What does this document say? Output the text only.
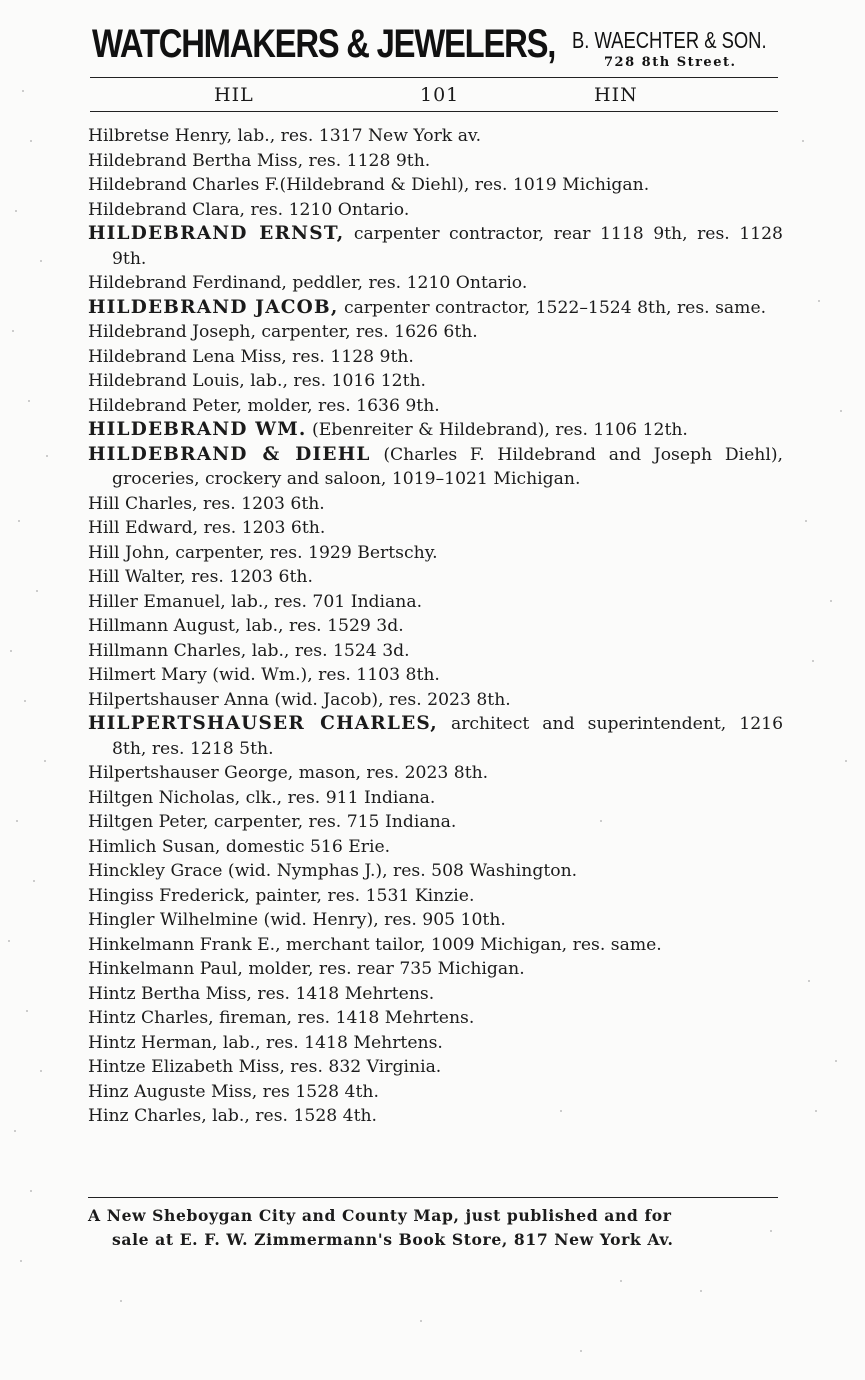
WATCHMAKERS & JEWELERS, B. WAECHTER & SON.
728 8th Street.
HIL	101	HIN
Hilbretse Henry, lab., res. 1317 New York av.
Hildebrand Bertha Miss, res. 1128 9th.
Hildebrand Charles F.(Hildebrand & Diehl), res. 1019 Michigan.
Hildebrand Clara, res. 1210 Ontario.
HILDEBRAND ERNST, carpenter contractor, rear 1118 9th, res. 1128 9th.
Hildebrand Ferdinand, peddler, res. 1210 Ontario.
HILDEBRAND JACOB, carpenter contractor, 1522–1524 8th, res. same.
Hildebrand Joseph, carpenter, res. 1626 6th.
Hildebrand Lena Miss, res. 1128 9th.
Hildebrand Louis, lab., res. 1016 12th.
Hildebrand Peter, molder, res. 1636 9th.
HILDEBRAND WM. (Ebenreiter & Hildebrand), res. 1106 12th.
HILDEBRAND & DIEHL (Charles F. Hildebrand and Joseph Diehl), groceries, crockery and saloon, 1019–1021 Michigan.
Hill Charles, res. 1203 6th.
Hill Edward, res. 1203 6th.
Hill John, carpenter, res. 1929 Bertschy.
Hill Walter, res. 1203 6th.
Hiller Emanuel, lab., res. 701 Indiana.
Hillmann August, lab., res. 1529 3d.
Hillmann Charles, lab., res. 1524 3d.
Hilmert Mary (wid. Wm.), res. 1103 8th.
Hilpertshauser Anna (wid. Jacob), res. 2023 8th.
HILPERTSHAUSER CHARLES, architect and superintendent, 1216 8th, res. 1218 5th.
Hilpertshauser George, mason, res. 2023 8th.
Hiltgen Nicholas, clk., res. 911 Indiana.
Hiltgen Peter, carpenter, res. 715 Indiana.
Himlich Susan, domestic 516 Erie.
Hinckley Grace (wid. Nymphas J.), res. 508 Washington.
Hingiss Frederick, painter, res. 1531 Kinzie.
Hingler Wilhelmine (wid. Henry), res. 905 10th.
Hinkelmann Frank E., merchant tailor, 1009 Michigan, res. same.
Hinkelmann Paul, molder, res. rear 735 Michigan.
Hintz Bertha Miss, res. 1418 Mehrtens.
Hintz Charles, fireman, res. 1418 Mehrtens.
Hintz Herman, lab., res. 1418 Mehrtens.
Hintze Elizabeth Miss, res. 832 Virginia.
Hinz Auguste Miss, res 1528 4th.
Hinz Charles, lab., res. 1528 4th.
A New Sheboygan City and County Map, just published and for
sale at E. F. W. Zimmermann's Book Store, 817 New York Av.
